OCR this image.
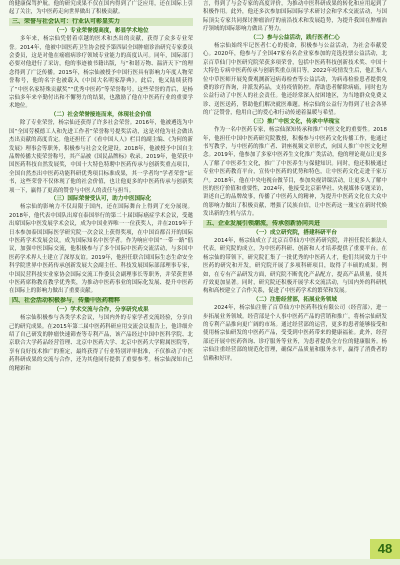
的健康保驾护航。他的研究成果不仅在国内得到了广泛应用，还在国际上引起了关注，为中医药走向世界做出了积极贡献。

三、荣誉与社会认可：行业认可彰显实力
（一）专业荣誉提高度，彰显学术地位

多年来，杨宗仙凭借着卓越的医术和杰出的贡献，获得了众多专业荣誉。2014年，他被中国医药卫生协会授予第四届全国肿瘤诊治研究专家委员会委员，这是对他在癌瘤病诊疗领域专业能力的高度认可。同年，国际部门必要对他进行了采访，他的事迹被书籍出版，与“和谐万物、温济天下”的理念得到了广泛传播。2015年，杨宗仙被授予中国行医具有影响力年度人物荣誉称号，他的名字也被载入《中国大名明家辞典》。此后，他又陆续获得了“中医名家特殊贡献奖”“优秀中医药”等荣誉称号。这些荣誉的背后，是杨宗仙多年来辛勤付出和不懈努力的结果，也激励了他在中医药行业的重要学术地位。

（二）社会荣誉接连而来，体现社会价值

除了专业荣誉，杨宗仙还获得了许多社会荣誉。2016年，他被遴选为中国“全国劳模德工人和先进工作者”荣誉称号提奖活动，这是对他为社会做出杰出贡献的高度肯定。他还担任了《看中国人人》栏目的副主编、《为何的新发展》理事会等职务，积极参与社会文化建设。2018年，他被授予中国自主品牌传播大使荣誉称号，其产品被《国民品牌标》收录。2019年，他荣获中国医药科技自然发展奖，中国十大特色特聘中医药传承与创新奖重点项目，全国自然杰出中医药功能科研优秀项目标准成果，其一学者均“学者荣誉”证书，这些荣誉不仅体现了他的社会价值，也让他更多的中医药传承与创新奖项一下，赢得了更高的赞誉与中医人的责任与担当。

（三）国际荣誉受认可，助力中医国际化

杨宗仙的影响力不仅局限于国内，还在国际舞台上得到了充分展现。2018年，他代表中国队出席在泰国举行的第二十届国际癌症学术会议，受邀出席国际中医发展学术会议，成为中国业界唯一一位获奖人，并在2019年于日本参加泰国国际医学研究院一次会议上获得奖项，在中国首都召开的国际中医药学术发展会议，成为国际知名中医学者。作为响应中国“一带一路”倡议，加强中医国际交流，他积极参与了多个国际中医药交流活动，与多国中医药学术界人士建立了深厚友谊。2019年，他担任联合国国际生态生命安全科学院世界中医药传承创新发展大会副主任、科技发展国际部部理事专家，中国民营科技实业家协会国际交流工作委员会副理事长等职务，并荣获世界中医药席称教育教学优秀奖，为推动中医药事业的国际化发展、提升中医药在国际上的影响力做出了重要贡献。

四、社会活动积极参与，传播中医药精粹
（一）学术交流与合作，分享研究成果

杨宗仙积极参与各类学术会议，与国内外的专家学者交流经验，分享自己的研究成果。在2015年第二届中医药科研应用交流会议报告上，他详细介绍了自己研发的肿瘤快速筛查等专利产品，该产品经过中国中医科学院、北京联合大学药品经营管理、北京中医药大学、北京中医药大学附属医院等，享有良好技术推广的鉴定，最终获得了行业特别评审批准，不仅推动了中医药科研成果的交流与合作，还为其他同行提供了重要参考。杨宗仙深知自己的精彩和

言，得到了与会专家的高度评价，为推动中医科研成果的转化和应用起到了积极作用。此外，他还多次参加国际国际学术研讨会和学术交流活动，与国际顶尖专家共同探讨肿瘤治疗的前沿技术和发展趋势，为提升我国在肿瘤治疗领域的国际影响力做出了努力。

（二）参与公益活动，践行医者仁心

杨宗仙始终牢记医者仁心的使命，积极参与公益活动，为社会奉献爱心。2020年，他参与了全国47家有名企业家参加的竞选投票公益活动，北京百草仙门中医研究院荣获多项荣誉，包括中医药科技创新技术奖、中国十大特色专病中医药传承与创新奖重点项目等。2022年疫情发生后，他汇集八位中草医师开展免费观测新冠病毒检查等公益活动，为病毒检验患者提供免费的诊疗咨询，并派发药品，支持疫情防控。帮助患者解除病痛，同时也为公益行动了中医人的社会责任。他还经常深入贫困地区，为当地群众免费义诊、送医送药，帮助他们解决就医难题。杨宗仙的公益行为得到了社会各界的广泛赞誉，他用自己的爱心和行动传递着温暖与希望。

（三）推广中医文化，传承中华瑰宝

作为一名中医药专家，杨宗仙深知传承和推广中医文化的重要性。2018年，他担任中国中医药研究院教授，积极参与中医药文化传播工作，他通过书写教学，与中医药的推广者、讲座视频文章形式，向国人推广中医文化理念。2019年，他参加了多家中医养生文化推广类活动，他的理论观点让更多人了解了中医养生文化，推广了中医养生与保健知识。同时，他还积极通过专业中医药教育平台，宣传中医药的优势和特色，让中医药文化走进千家万户。2018年，他在中央电视台做节目，参加央视讲课活动，让更多人了解中医的医疗价值和重要性，2024年，他接受北京新华社、央视媒体专题采访，讲述自己的品牌故事，传播了中医药人的精神，为提升中医药文化在大众中的影响力做出了积极贡献，增强了民族自信，让中医药这一瑰宝在新时代焕发出新的生机与活力。

五、企业发展引领潮流，传承创新协同共进
（一）成立研究院，搭建科研平台

2014年，杨宗仙成立了北京百草仙方中医药研究院，并担任院长兼法人代表，研究院的成立，为中医药科研、创新和人才培养提供了重要平台。在杨宗仙的带领下，研究院汇集了一批优秀的中医药人才，他们共同致力于中医药的研究和开发，研究院开展了多项科研项目，取得了丰硕的成果。例如，在专有产品研发方面，研究院不断优化产品配方，提高产品质量，使其疗效更加显著。同时，研究院还积极开展学术交流活动，与国内外的科研机构和高校建立了合作关系，促进了中医药学术的繁荣和发展。

（二）注册经营部，拓展业务领域

2024年，杨宗仙注册了百草仙方中医药科技有限公司（经营部），进一步拓展业务领域。经营部是个人事中医药产品的营销和推广，将杨宗仙研发的专利产品推向更广阔的市场。通过经营部的运营，更多的患者能够接受和使用杨宗仙研发的中医药产品，受受到中医药带来的健康福祉。此外，经营部还开展中医药咨询、诊疗服务等业务，为患者提供全方位的健康服务。杨宗仙注重经营部的规范化管理，确保产品质量和服务水平，赢得了消费者的信赖和好评。

48
